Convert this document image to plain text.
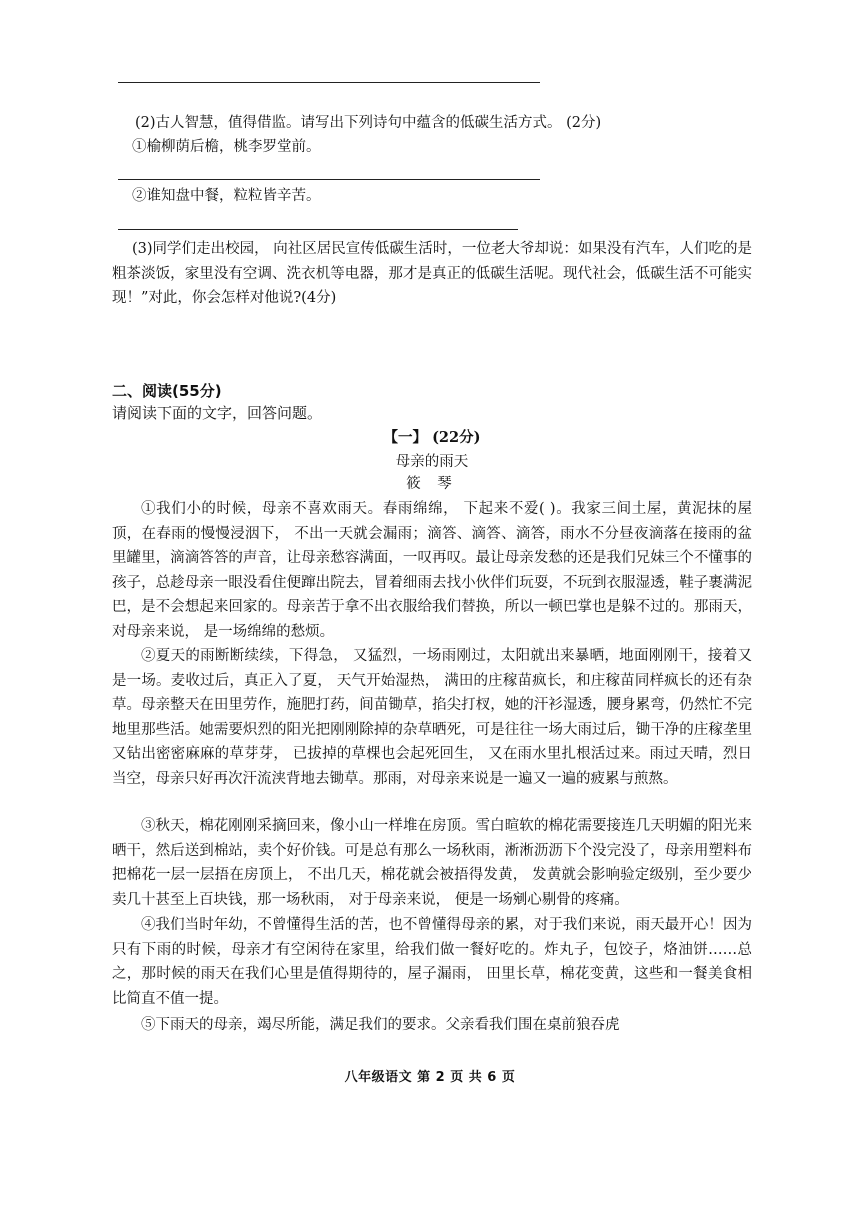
(2)古人智慧，值得借监。请写出下列诗句中蕴含的低碳生活方式。 (2分)
①榆柳荫后檐，桃李罗堂前。
②谁知盘中餐，粒粒皆辛苦。
(3)同学们走出校园， 向社区居民宣传低碳生活时，一位老大爷却说：如果没有汽车，人们吃的是粗茶淡饭，家里没有空调、洗衣机等电器，那才是真正的低碳生活呢。现代社会，低碳生活不可能实现！”对此，你会怎样对他说?(4分)
二、阅读(55分)
请阅读下面的文字，回答问题。
【一】 (22分)
母亲的雨天
筱 琴
①我们小的时候，母亲不喜欢雨天。春雨绵绵， 下起来不爱( )。我家三间土屋，黄泥抹的屋顶，在春雨的慢慢浸洇下， 不出一天就会漏雨；滴答、滴答、滴答，雨水不分昼夜滴落在接雨的盆里罐里，滴滴答答的声音，让母亲愁容满面，一叹再叹。最让母亲发愁的还是我们兄妹三个不懂事的孩子，总趁母亲一眼没看住便蹿出院去，冒着细雨去找小伙伴们玩耍，不玩到衣服湿透，鞋子裹满泥巴，是不会想起来回家的。母亲苦于拿不出衣服给我们替换，所以一顿巴掌也是躲不过的。那雨天， 对母亲来说， 是一场绵绵的愁烦。
②夏天的雨断断续续，下得急， 又猛烈，一场雨刚过，太阳就出来暴晒，地面刚刚干，接着又是一场。麦收过后，真正入了夏， 天气开始湿热， 满田的庄稼苗疯长，和庄稼苗同样疯长的还有杂草。母亲整天在田里劳作，施肥打药，间苗锄草，掐尖打杈，她的汗衫湿透，腰身累弯，仍然忙不完地里那些活。她需要炽烈的阳光把刚刚除掉的杂草晒死，可是往往一场大雨过后，锄干净的庄稼垄里又钻出密密麻麻的草芽芽， 已拔掉的草棵也会起死回生， 又在雨水里扎根活过来。雨过天晴，烈日当空，母亲只好再次汗流浃背地去锄草。那雨，对母亲来说是一遍又一遍的疲累与煎熬。
③秋天，棉花刚刚采摘回来，像小山一样堆在房顶。雪白暄软的棉花需要接连几天明媚的阳光来晒干，然后送到棉站，卖个好价钱。可是总有那么一场秋雨，淅淅沥沥下个没完没了，母亲用塑料布把棉花一层一层捂在房顶上， 不出几天，棉花就会被捂得发黄， 发黄就会影响验定级别，至少要少卖几十甚至上百块钱，那一场秋雨， 对于母亲来说， 便是一场剜心剔骨的疼痛。
④我们当时年幼，不曾懂得生活的苦，也不曾懂得母亲的累，对于我们来说，雨天最开心！因为只有下雨的时候，母亲才有空闲待在家里，给我们做一餐好吃的。炸丸子，包饺子，烙油饼……总之，那时候的雨天在我们心里是值得期待的，屋子漏雨， 田里长草，棉花变黄，这些和一餐美食相比简直不值一提。
⑤下雨天的母亲，竭尽所能，满足我们的要求。父亲看我们围在桌前狼吞虎
八年级语文 第 2 页 共 6 页
